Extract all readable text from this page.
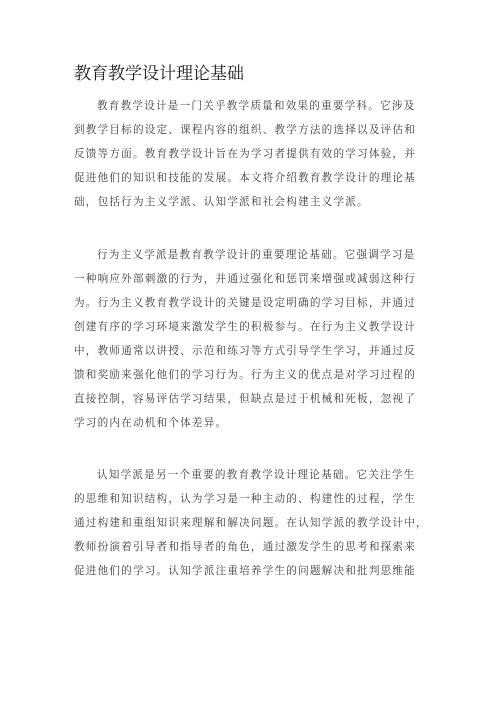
教育教学设计理论基础
教育教学设计是一门关乎教学质量和效果的重要学科。它涉及
到教学目标的设定、课程内容的组织、教学方法的选择以及评估和
反馈等方面。教育教学设计旨在为学习者提供有效的学习体验，并
促进他们的知识和技能的发展。本文将介绍教育教学设计的理论基
础，包括行为主义学派、认知学派和社会构建主义学派。
行为主义学派是教育教学设计的重要理论基础。它强调学习是
一种响应外部刺激的行为，并通过强化和惩罚来增强或减弱这种行
为。行为主义教育教学设计的关键是设定明确的学习目标，并通过
创建有序的学习环境来激发学生的积极参与。在行为主义教学设计
中，教师通常以讲授、示范和练习等方式引导学生学习，并通过反
馈和奖励来强化他们的学习行为。行为主义的优点是对学习过程的
直接控制，容易评估学习结果，但缺点是过于机械和死板，忽视了
学习的内在动机和个体差异。
认知学派是另一个重要的教育教学设计理论基础。它关注学生
的思维和知识结构，认为学习是一种主动的、构建性的过程，学生
通过构建和重组知识来理解和解决问题。在认知学派的教学设计中，
教师扮演着引导者和指导者的角色，通过激发学生的思考和探索来
促进他们的学习。认知学派注重培养学生的问题解决和批判思维能
